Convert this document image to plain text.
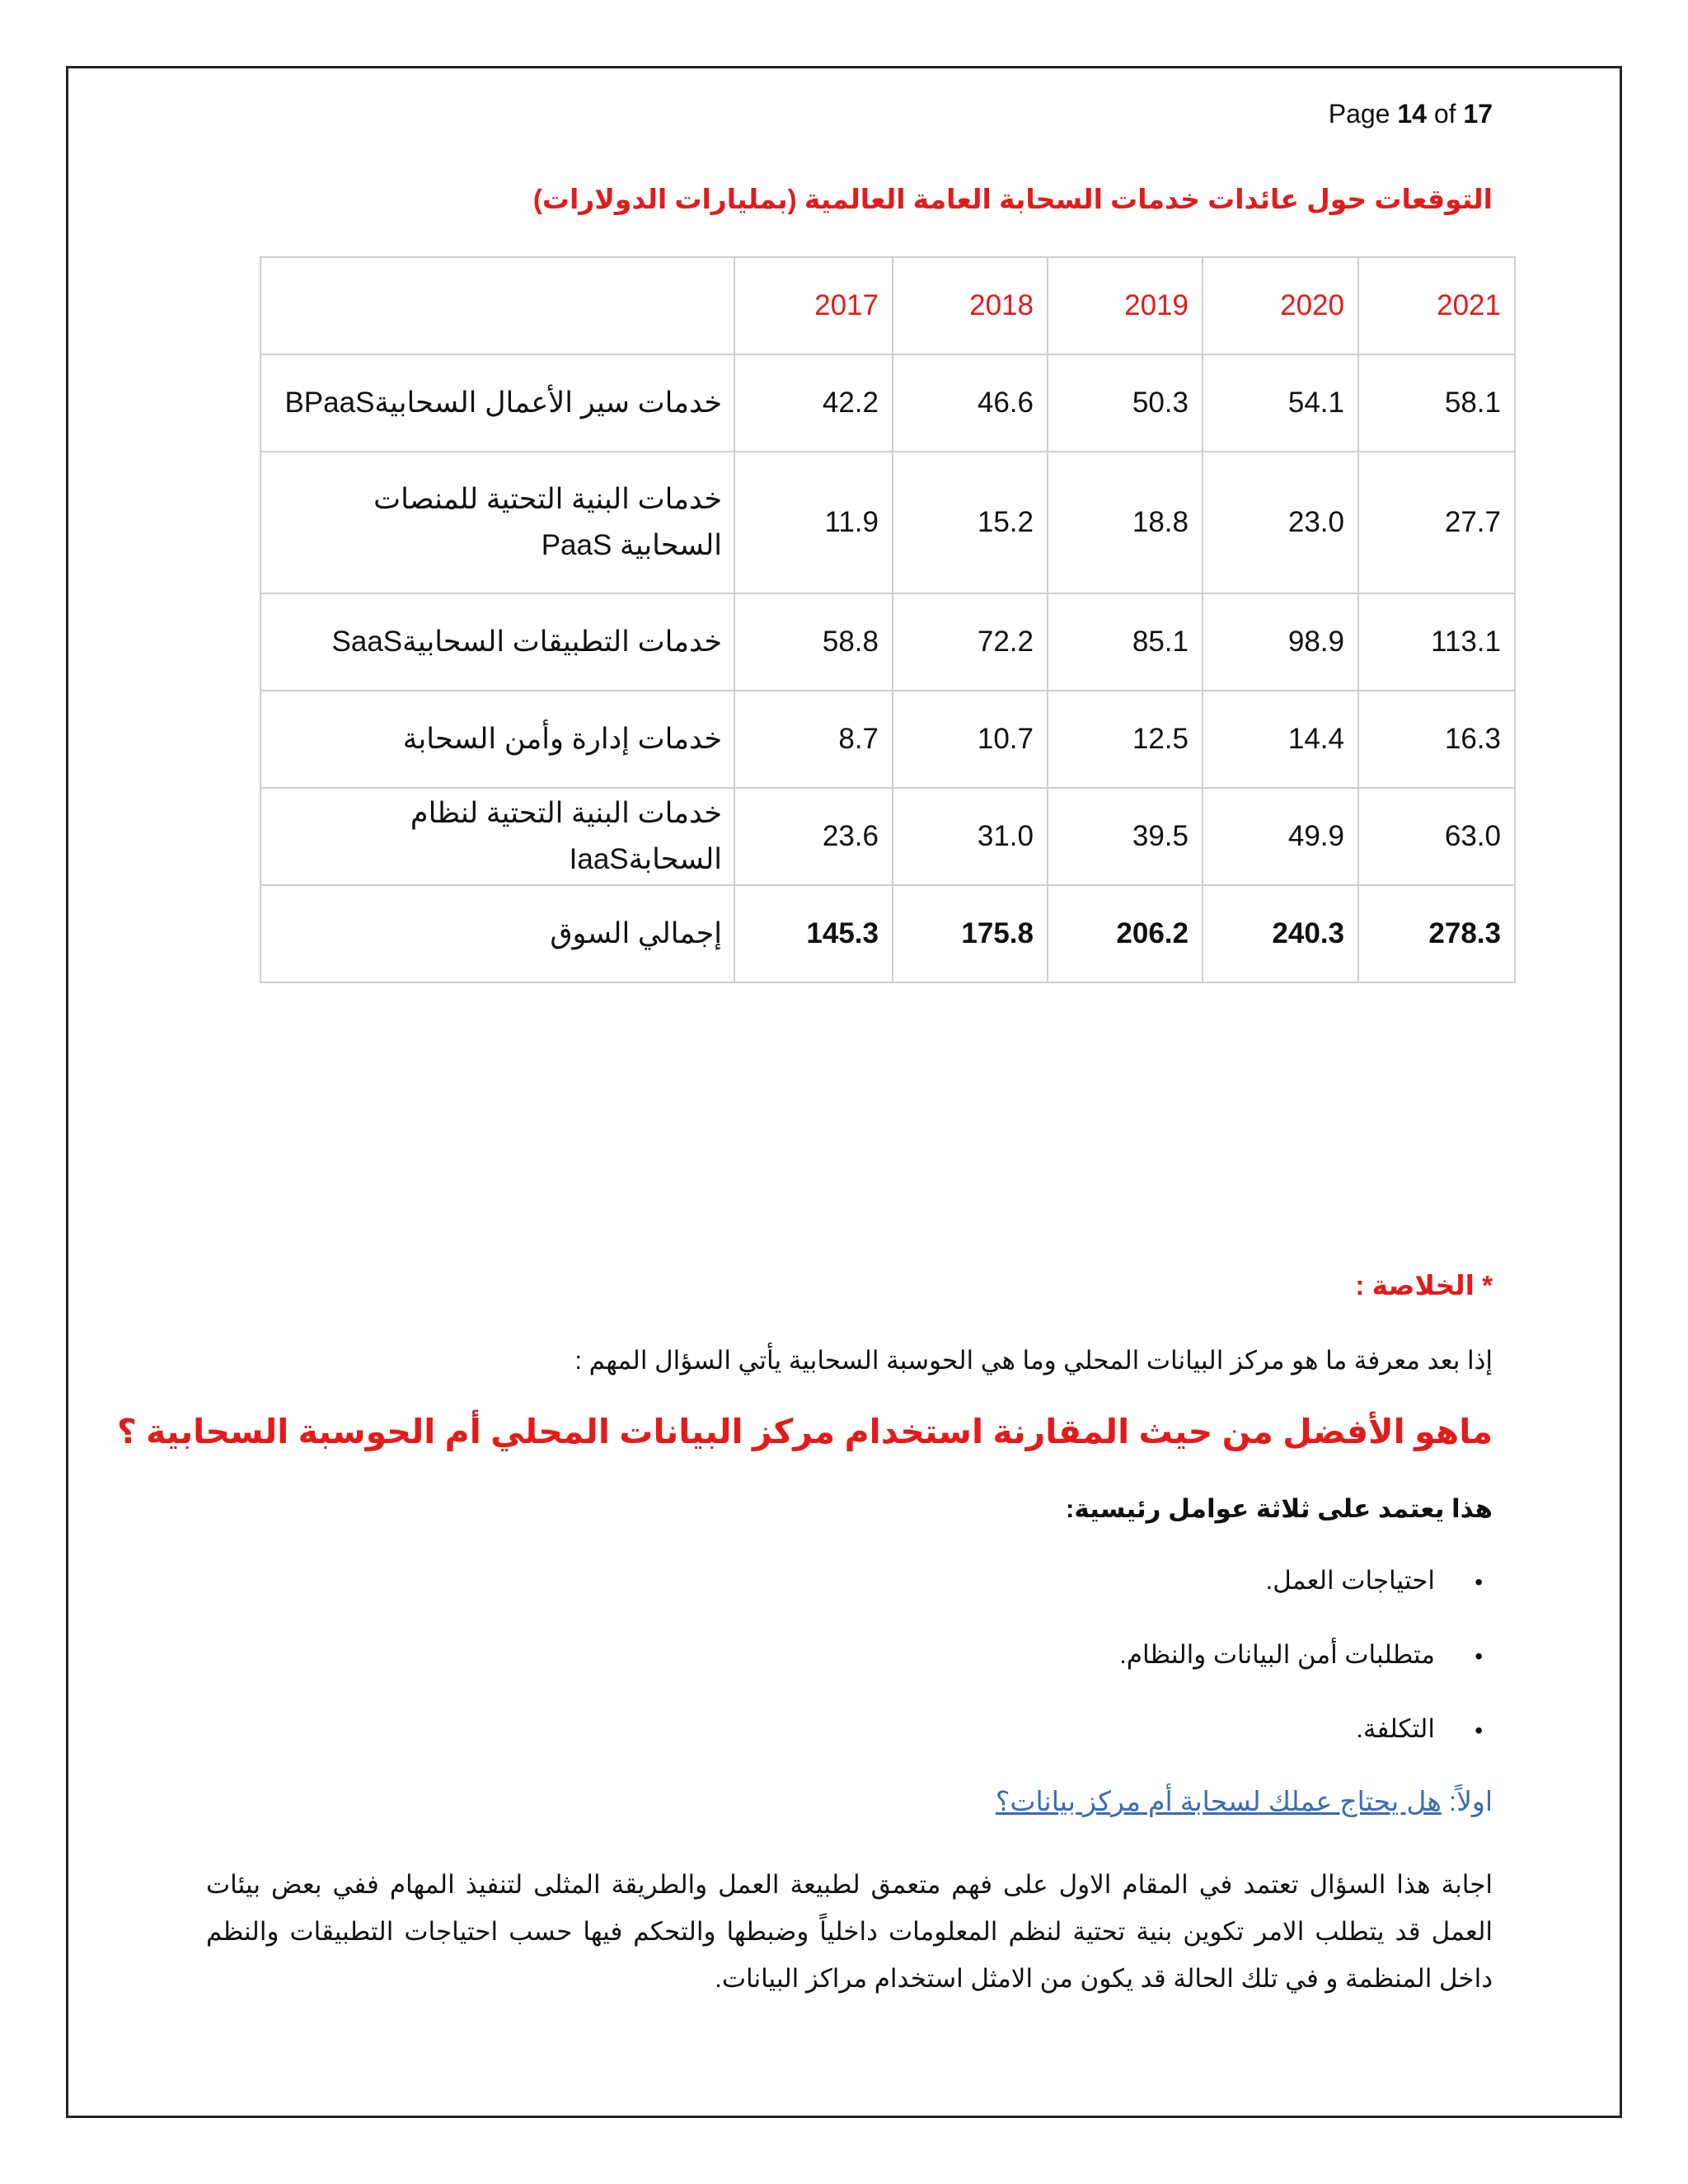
Page 14 of 17
التوقعات حول عائدات خدمات السحابة العامة العالمية (بمليارات الدولارات)
	2017	2018	2019	2020	2021
خدمات سير الأعمال السحابيةBPaaS	42.2	46.6	50.3	54.1	58.1
خدمات البنية التحتية للمنصات السحابية PaaS	11.9	15.2	18.8	23.0	27.7
خدمات التطبيقات السحابيةSaaS	58.8	72.2	85.1	98.9	113.1
خدمات إدارة وأمن السحابة	8.7	10.7	12.5	14.4	16.3
خدمات البنية التحتية لنظام السحابةIaaS	23.6	31.0	39.5	49.9	63.0
إجمالي السوق	145.3	175.8	206.2	240.3	278.3
* الخلاصة :
إذا بعد معرفة ما هو مركز البيانات المحلي وما هي الحوسبة السحابية يأتي السؤال المهم :
ماهو الأفضل من حيث المقارنة استخدام مركز البيانات المحلي أم الحوسبة السحابية ؟
هذا يعتمد على ثلاثة عوامل رئيسية:
•
احتياجات العمل.
•
متطلبات أمن البيانات والنظام.
•
التكلفة.
اولاً: هل يحتاج عملك لسحابة أم مركز بيانات؟
اجابة هذا السؤال تعتمد في المقام الاول على فهم متعمق لطبيعة العمل والطريقة المثلى لتنفيذ المهام ففي بعض بيئات العمل قد يتطلب الامر تكوين بنية تحتية لنظم المعلومات داخلياً وضبطها والتحكم فيها حسب احتياجات التطبيقات والنظم داخل المنظمة و في تلك الحالة قد يكون من الامثل استخدام مراكز البيانات.
